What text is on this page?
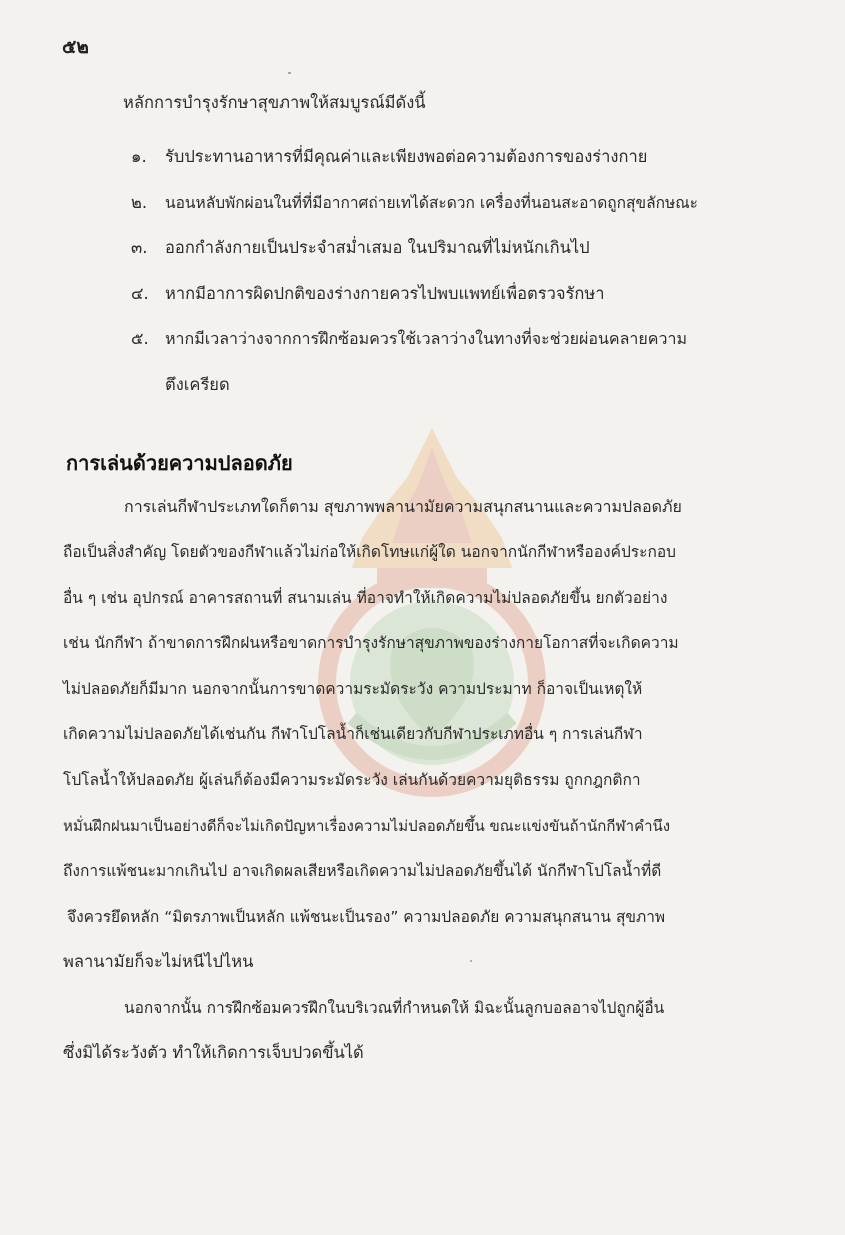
๕๒
หลักการบำรุงรักษาสุขภาพให้สมบูรณ์มีดังนี้
๑. รับประทานอาหารที่มีคุณค่าและเพียงพอต่อความต้องการของร่างกาย
๒. นอนหลับพักผ่อนในที่ที่มีอากาศถ่ายเทได้สะดวก เครื่องที่นอนสะอาดถูกสุขลักษณะ
๓. ออกกำลังกายเป็นประจำสม่ำเสมอ ในปริมาณที่ไม่หนักเกินไป
๔. หากมีอาการผิดปกติของร่างกายควรไปพบแพทย์เพื่อตรวจรักษา
๕. หากมีเวลาว่างจากการฝึกซ้อมควรใช้เวลาว่างในทางที่จะช่วยผ่อนคลายความ
ตึงเครียด
การเล่นด้วยความปลอดภัย
การเล่นกีฬาประเภทใดก็ตาม สุขภาพพลานามัยความสนุกสนานและความปลอดภัย
ถือเป็นสิ่งสำคัญ โดยตัวของกีฬาแล้วไม่ก่อให้เกิดโทษแก่ผู้ใด นอกจากนักกีฬาหรือองค์ประกอบ
อื่น ๆ เช่น อุปกรณ์ อาคารสถานที่ สนามเล่น ที่อาจทำให้เกิดความไม่ปลอดภัยขึ้น ยกตัวอย่าง
เช่น นักกีฬา ถ้าขาดการฝึกฝนหรือขาดการบำรุงรักษาสุขภาพของร่างกายโอกาสที่จะเกิดความ
ไม่ปลอดภัยก็มีมาก นอกจากนั้นการขาดความระมัดระวัง ความประมาท ก็อาจเป็นเหตุให้
เกิดความไม่ปลอดภัยได้เช่นกัน กีฬาโปโลน้ำก็เช่นเดียวกับกีฬาประเภทอื่น ๆ การเล่นกีฬา
โปโลน้ำให้ปลอดภัย ผู้เล่นก็ต้องมีความระมัดระวัง เล่นกันด้วยความยุติธรรม ถูกกฎกติกา
หมั่นฝึกฝนมาเป็นอย่างดีก็จะไม่เกิดปัญหาเรื่องความไม่ปลอดภัยขึ้น ขณะแข่งขันถ้านักกีฬาคำนึง
ถึงการแพ้ชนะมากเกินไป อาจเกิดผลเสียหรือเกิดความไม่ปลอดภัยขึ้นได้ นักกีฬาโปโลน้ำที่ดี
จึงควรยึดหลัก “มิตรภาพเป็นหลัก แพ้ชนะเป็นรอง” ความปลอดภัย ความสนุกสนาน สุขภาพ
พลานามัยก็จะไม่หนีไปไหน
นอกจากนั้น การฝึกซ้อมควรฝึกในบริเวณที่กำหนดให้ มิฉะนั้นลูกบอลอาจไปถูกผู้อื่น
ซึ่งมิได้ระวังตัว ทำให้เกิดการเจ็บปวดขึ้นได้
